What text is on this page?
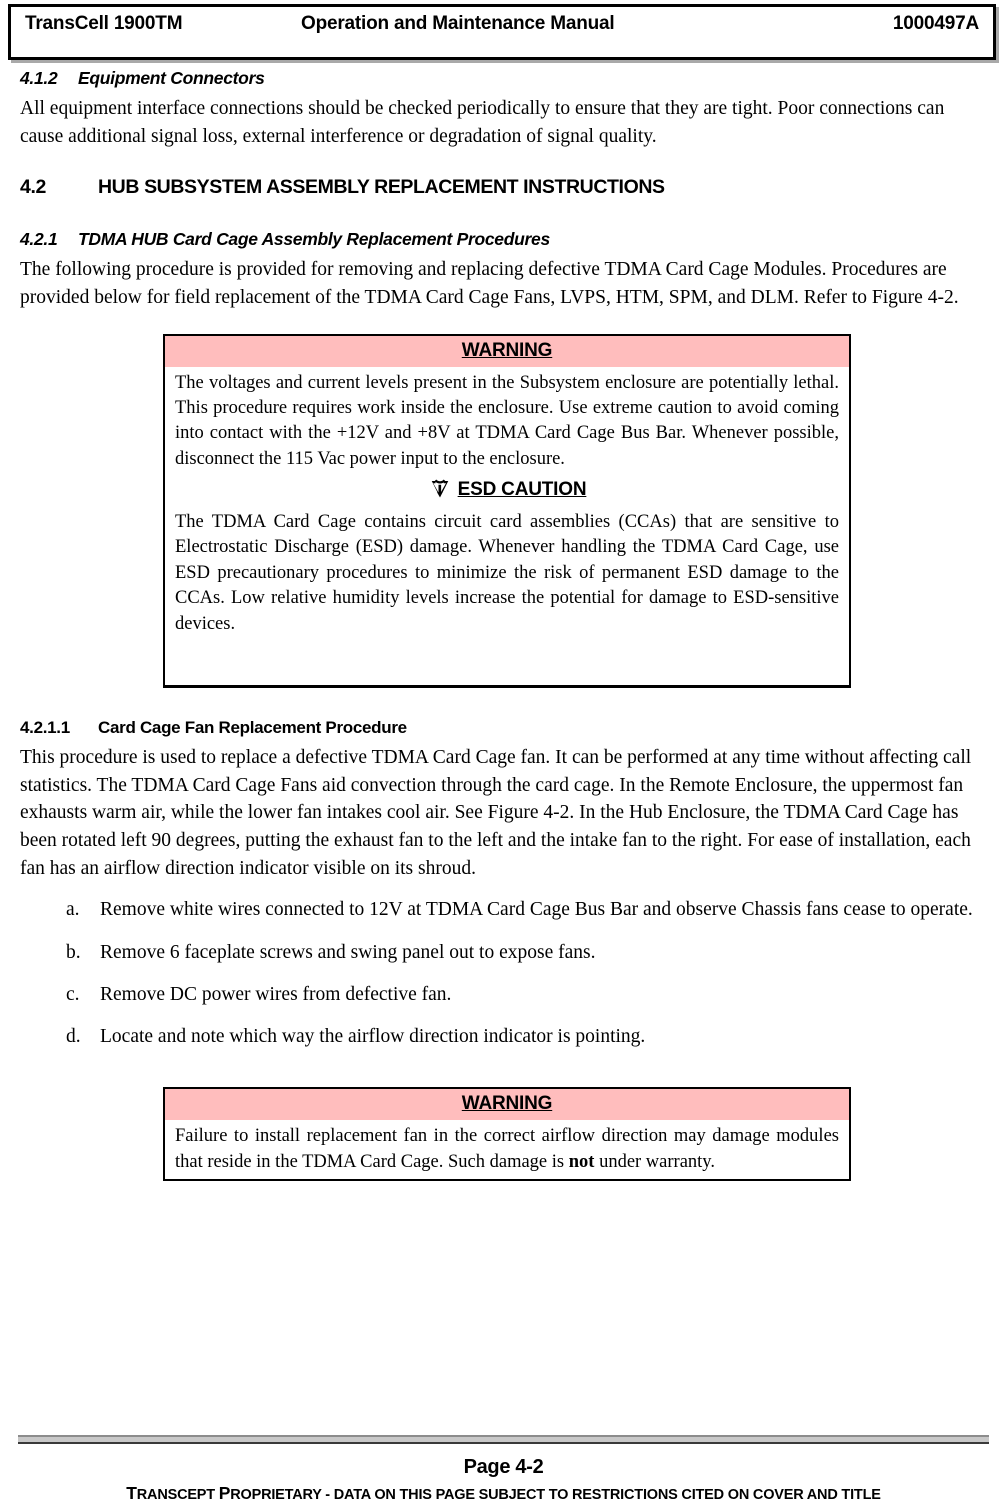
TransCell 1900TM	Operation and Maintenance Manual	1000497A
4.1.2 Equipment Connectors

All equipment interface connections should be checked periodically to ensure that they are tight. Poor connections can cause additional signal loss, external interference or degradation of signal quality.

4.2	HUB SUBSYSTEM ASSEMBLY REPLACEMENT INSTRUCTIONS
4.2.1 TDMA HUB Card Cage Assembly Replacement Procedures

The following procedure is provided for removing and replacing defective TDMA Card Cage Modules. Procedures are provided below for field replacement of the TDMA Card Cage Fans, LVPS, HTM, SPM, and DLM. Refer to Figure 4-2.

WARNING
The voltages and current levels present in the Subsystem enclosure are potentially lethal. This procedure requires work inside the enclosure. Use extreme caution to avoid coming into contact with the +12V and +8V at TDMA Card Cage Bus Bar. Whenever possible, disconnect the 115 Vac power input to the enclosure.
ESD CAUTION
The TDMA Card Cage contains circuit card assemblies (CCAs) that are sensitive to Electrostatic Discharge (ESD) damage. Whenever handling the TDMA Card Cage, use ESD precautionary procedures to minimize the risk of permanent ESD damage to the CCAs. Low relative humidity levels increase the potential for damage to ESD-sensitive devices.
4.2.1.1 Card Cage Fan Replacement Procedure

This procedure is used to replace a defective TDMA Card Cage fan. It can be performed at any time without affecting call statistics. The TDMA Card Cage Fans aid convection through the card cage. In the Remote Enclosure, the uppermost fan exhausts warm air, while the lower fan intakes cool air. See Figure 4-2. In the Hub Enclosure, the TDMA Card Cage has been rotated left 90 degrees, putting the exhaust fan to the left and the intake fan to the right. For ease of installation, each fan has an airflow direction indicator visible on its shroud.

a.	Remove white wires connected to 12V at TDMA Card Cage Bus Bar and observe Chassis fans cease to operate.
b. Remove 6 faceplate screws and swing panel out to expose fans.
c.	Remove DC power wires from defective fan.
d. Locate and note which way the airflow direction indicator is pointing.
WARNING
Failure to install replacement fan in the correct airflow direction may damage modules that reside in the TDMA Card Cage. Such damage is not under warranty.
Page 4-2
TRANSCEPT PROPRIETARY - DATA ON THIS PAGE SUBJECT TO RESTRICTIONS CITED ON COVER AND TITLE
